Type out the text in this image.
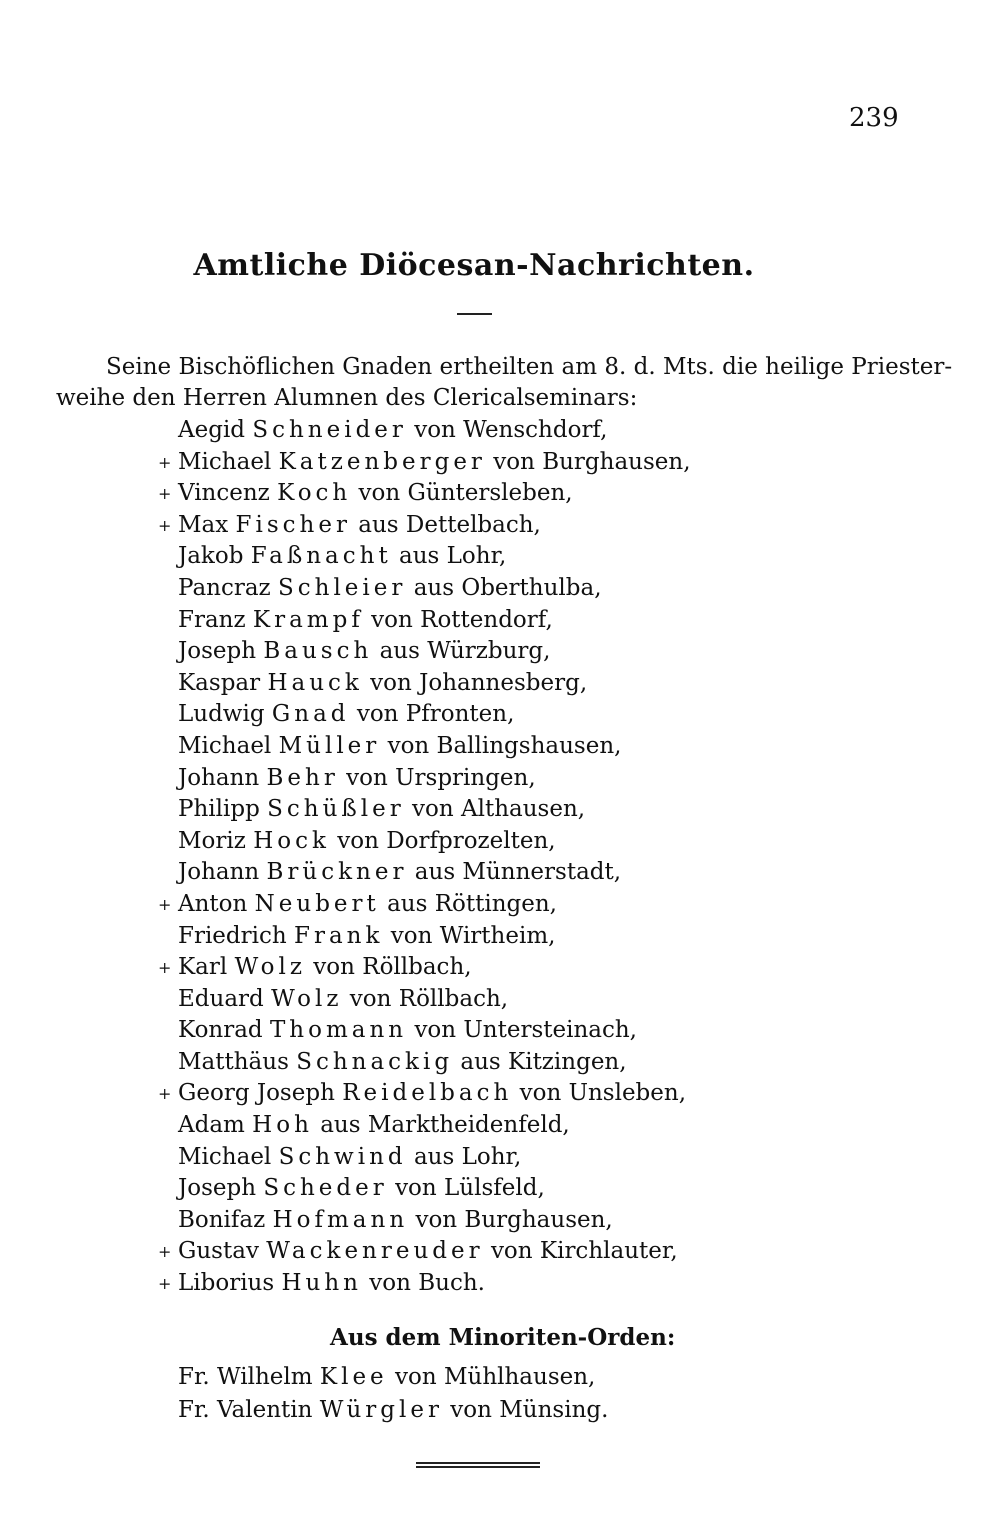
239
Amtliche Diöcesan-Nachrichten.

Seine Bischöflichen Gnaden ertheilten am 8. d. Mts. die heilige Priester-
weihe den Herren Alumnen des Clericalseminars:

Aegid Schneider von Wenschdorf,
+ Michael Katzenberger von Burghausen,
+ Vincenz Koch von Güntersleben,
+ Max Fischer aus Dettelbach,
Jakob Faßnacht aus Lohr,
Pancraz Schleier aus Oberthulba,
Franz Krampf von Rottendorf,
Joseph Bausch aus Würzburg,
Kaspar Hauck von Johannesberg,
Ludwig Gnad von Pfronten,
Michael Müller von Ballingshausen,
Johann Behr von Urspringen,
Philipp Schüßler von Althausen,
Moriz Hock von Dorfprozelten,
Johann Brückner aus Münnerstadt,
+ Anton Neubert aus Röttingen,
Friedrich Frank von Wirtheim,
+ Karl Wolz von Röllbach,
Eduard Wolz von Röllbach,
Konrad Thomann von Untersteinach,
Matthäus Schnackig aus Kitzingen,
+ Georg Joseph Reidelbach von Unsleben,
Adam Hoh aus Marktheidenfeld,
Michael Schwind aus Lohr,
Joseph Scheder von Lülsfeld,
Bonifaz Hofmann von Burghausen,
+ Gustav Wackenreuder von Kirchlauter,
+ Liborius Huhn von Buch.
Aus dem Minoriten-Orden:
Fr. Wilhelm Klee von Mühlhausen,
Fr. Valentin Würgler von Münsing.
